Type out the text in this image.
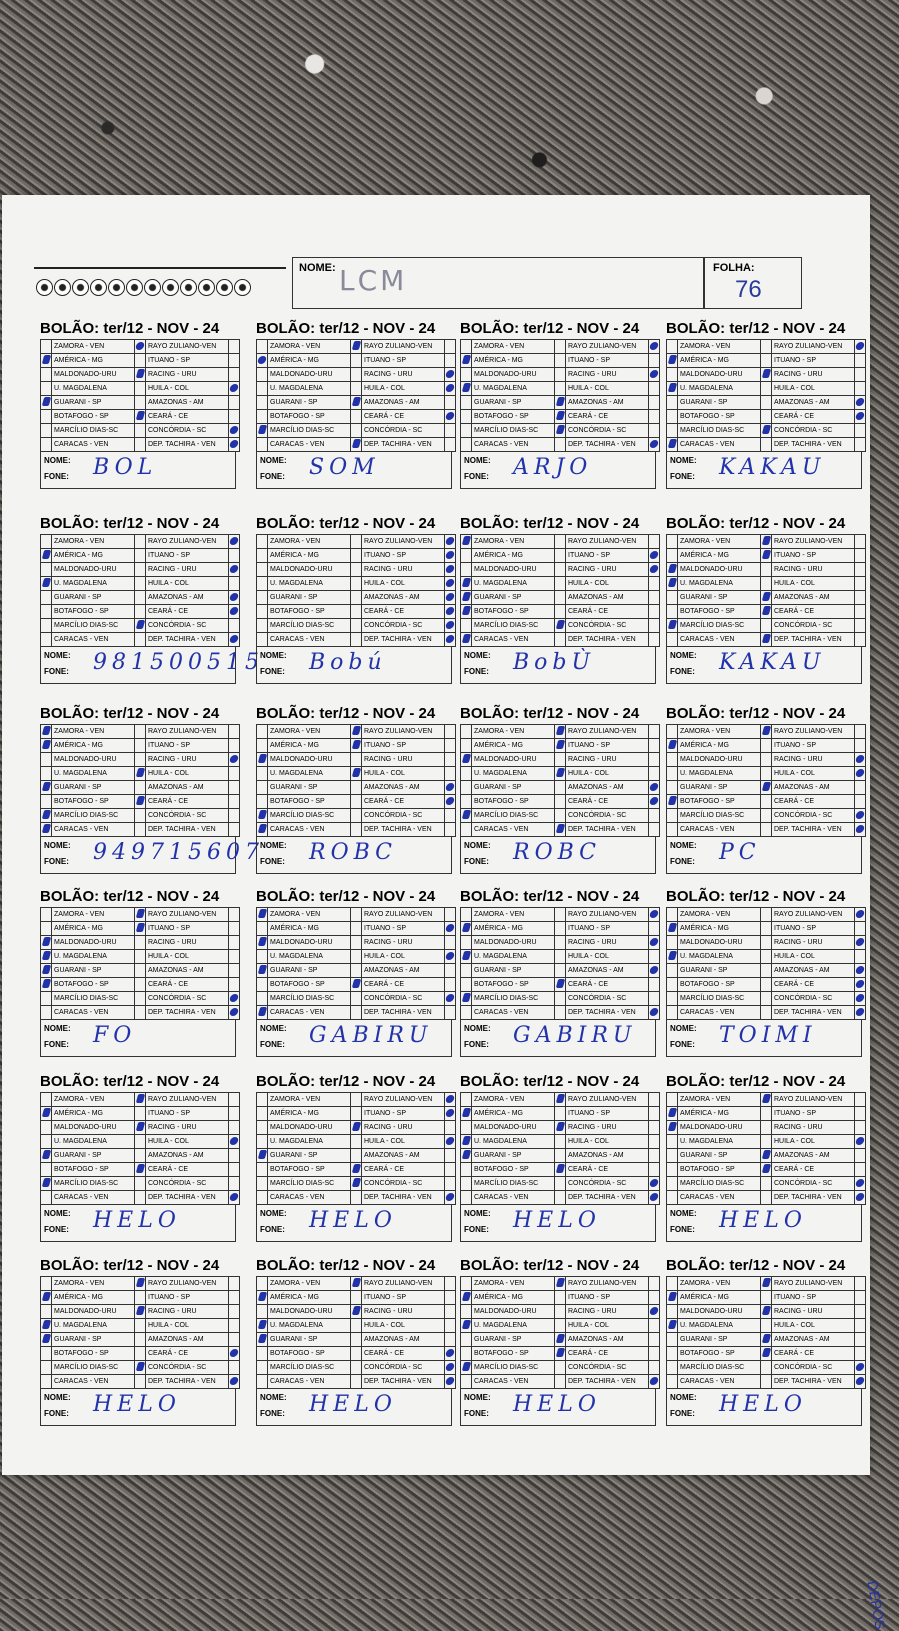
NOME: LCM	FOLHA:
76
BOLÃO: ter/12 - NOV - 24
	ZAMORA - VEN		RAYO ZULIANO-VEN	
	AMÉRICA - MG		ITUANO - SP	
	MALDONADO-URU		RACING - URU	
	U. MAGDALENA		HUILA - COL	
	GUARANI - SP		AMAZONAS - AM	
	BOTAFOGO - SP		CEARÁ - CE	
	MARCÍLIO DIAS-SC		CONCÓRDIA - SC	
	CARACAS - VEN		DEP. TACHIRA - VEN	
NOME:
FONE: BOL
BOLÃO: ter/12 - NOV - 24
	ZAMORA - VEN		RAYO ZULIANO-VEN	
	AMÉRICA - MG		ITUANO - SP	
	MALDONADO-URU		RACING - URU	
	U. MAGDALENA		HUILA - COL	
	GUARANI - SP		AMAZONAS - AM	
	BOTAFOGO - SP		CEARÁ - CE	
	MARCÍLIO DIAS-SC		CONCÓRDIA - SC	
	CARACAS - VEN		DEP. TACHIRA - VEN	
NOME:
FONE: SOM
BOLÃO: ter/12 - NOV - 24
	ZAMORA - VEN		RAYO ZULIANO-VEN	
	AMÉRICA - MG		ITUANO - SP	
	MALDONADO-URU		RACING - URU	
	U. MAGDALENA		HUILA - COL	
	GUARANI - SP		AMAZONAS - AM	
	BOTAFOGO - SP		CEARÁ - CE	
	MARCÍLIO DIAS-SC		CONCÓRDIA - SC	
	CARACAS - VEN		DEP. TACHIRA - VEN	
NOME:
FONE: ARJO
BOLÃO: ter/12 - NOV - 24
	ZAMORA - VEN		RAYO ZULIANO-VEN	
	AMÉRICA - MG		ITUANO - SP	
	MALDONADO-URU		RACING - URU	
	U. MAGDALENA		HUILA - COL	
	GUARANI - SP		AMAZONAS - AM	
	BOTAFOGO - SP		CEARÁ - CE	
	MARCÍLIO DIAS-SC		CONCÓRDIA - SC	
	CARACAS - VEN		DEP. TACHIRA - VEN	
NOME:
FONE: KAKAU
BOLÃO: ter/12 - NOV - 24
	ZAMORA - VEN		RAYO ZULIANO-VEN	
	AMÉRICA - MG		ITUANO - SP	
	MALDONADO-URU		RACING - URU	
	U. MAGDALENA		HUILA - COL	
	GUARANI - SP		AMAZONAS - AM	
	BOTAFOGO - SP		CEARÁ - CE	
	MARCÍLIO DIAS-SC		CONCÓRDIA - SC	
	CARACAS - VEN		DEP. TACHIRA - VEN	
NOME:
FONE: 981500515
BOLÃO: ter/12 - NOV - 24
	ZAMORA - VEN		RAYO ZULIANO-VEN	
	AMÉRICA - MG		ITUANO - SP	
	MALDONADO-URU		RACING - URU	
	U. MAGDALENA		HUILA - COL	
	GUARANI - SP		AMAZONAS - AM	
	BOTAFOGO - SP		CEARÁ - CE	
	MARCÍLIO DIAS-SC		CONCÓRDIA - SC	
	CARACAS - VEN		DEP. TACHIRA - VEN	
NOME:
FONE: Bobú
BOLÃO: ter/12 - NOV - 24
	ZAMORA - VEN		RAYO ZULIANO-VEN	
	AMÉRICA - MG		ITUANO - SP	
	MALDONADO-URU		RACING - URU	
	U. MAGDALENA		HUILA - COL	
	GUARANI - SP		AMAZONAS - AM	
	BOTAFOGO - SP		CEARÁ - CE	
	MARCÍLIO DIAS-SC		CONCÓRDIA - SC	
	CARACAS - VEN		DEP. TACHIRA - VEN	
NOME:
FONE: BobÙ
BOLÃO: ter/12 - NOV - 24
	ZAMORA - VEN		RAYO ZULIANO-VEN	
	AMÉRICA - MG		ITUANO - SP	
	MALDONADO-URU		RACING - URU	
	U. MAGDALENA		HUILA - COL	
	GUARANI - SP		AMAZONAS - AM	
	BOTAFOGO - SP		CEARÁ - CE	
	MARCÍLIO DIAS-SC		CONCÓRDIA - SC	
	CARACAS - VEN		DEP. TACHIRA - VEN	
NOME:
FONE: KAKAU
BOLÃO: ter/12 - NOV - 24
	ZAMORA - VEN		RAYO ZULIANO-VEN	
	AMÉRICA - MG		ITUANO - SP	
	MALDONADO-URU		RACING - URU	
	U. MAGDALENA		HUILA - COL	
	GUARANI - SP		AMAZONAS - AM	
	BOTAFOGO - SP		CEARÁ - CE	
	MARCÍLIO DIAS-SC		CONCÓRDIA - SC	
	CARACAS - VEN		DEP. TACHIRA - VEN	
NOME:
FONE: 949715607
BOLÃO: ter/12 - NOV - 24
	ZAMORA - VEN		RAYO ZULIANO-VEN	
	AMÉRICA - MG		ITUANO - SP	
	MALDONADO-URU		RACING - URU	
	U. MAGDALENA		HUILA - COL	
	GUARANI - SP		AMAZONAS - AM	
	BOTAFOGO - SP		CEARÁ - CE	
	MARCÍLIO DIAS-SC		CONCÓRDIA - SC	
	CARACAS - VEN		DEP. TACHIRA - VEN	
NOME:
FONE: ROBC
BOLÃO: ter/12 - NOV - 24
	ZAMORA - VEN		RAYO ZULIANO-VEN	
	AMÉRICA - MG		ITUANO - SP	
	MALDONADO-URU		RACING - URU	
	U. MAGDALENA		HUILA - COL	
	GUARANI - SP		AMAZONAS - AM	
	BOTAFOGO - SP		CEARÁ - CE	
	MARCÍLIO DIAS-SC		CONCÓRDIA - SC	
	CARACAS - VEN		DEP. TACHIRA - VEN	
NOME:
FONE: ROBC
BOLÃO: ter/12 - NOV - 24
	ZAMORA - VEN		RAYO ZULIANO-VEN	
	AMÉRICA - MG		ITUANO - SP	
	MALDONADO-URU		RACING - URU	
	U. MAGDALENA		HUILA - COL	
	GUARANI - SP		AMAZONAS - AM	
	BOTAFOGO - SP		CEARÁ - CE	
	MARCÍLIO DIAS-SC		CONCÓRDIA - SC	
	CARACAS - VEN		DEP. TACHIRA - VEN	
NOME:
FONE: PC
BOLÃO: ter/12 - NOV - 24
	ZAMORA - VEN		RAYO ZULIANO-VEN	
	AMÉRICA - MG		ITUANO - SP	
	MALDONADO-URU		RACING - URU	
	U. MAGDALENA		HUILA - COL	
	GUARANI - SP		AMAZONAS - AM	
	BOTAFOGO - SP		CEARÁ - CE	
	MARCÍLIO DIAS-SC		CONCÓRDIA - SC	
	CARACAS - VEN		DEP. TACHIRA - VEN	
NOME:
FONE: FO
BOLÃO: ter/12 - NOV - 24
	ZAMORA - VEN		RAYO ZULIANO-VEN	
	AMÉRICA - MG		ITUANO - SP	
	MALDONADO-URU		RACING - URU	
	U. MAGDALENA		HUILA - COL	
	GUARANI - SP		AMAZONAS - AM	
	BOTAFOGO - SP		CEARÁ - CE	
	MARCÍLIO DIAS-SC		CONCÓRDIA - SC	
	CARACAS - VEN		DEP. TACHIRA - VEN	
NOME:
FONE: GABIRU
BOLÃO: ter/12 - NOV - 24
	ZAMORA - VEN		RAYO ZULIANO-VEN	
	AMÉRICA - MG		ITUANO - SP	
	MALDONADO-URU		RACING - URU	
	U. MAGDALENA		HUILA - COL	
	GUARANI - SP		AMAZONAS - AM	
	BOTAFOGO - SP		CEARÁ - CE	
	MARCÍLIO DIAS-SC		CONCÓRDIA - SC	
	CARACAS - VEN		DEP. TACHIRA - VEN	
NOME:
FONE: GABIRU
BOLÃO: ter/12 - NOV - 24
	ZAMORA - VEN		RAYO ZULIANO-VEN	
	AMÉRICA - MG		ITUANO - SP	
	MALDONADO-URU		RACING - URU	
	U. MAGDALENA		HUILA - COL	
	GUARANI - SP		AMAZONAS - AM	
	BOTAFOGO - SP		CEARÁ - CE	
	MARCÍLIO DIAS-SC		CONCÓRDIA - SC	
	CARACAS - VEN		DEP. TACHIRA - VEN	
NOME:
FONE: TOIMI
BOLÃO: ter/12 - NOV - 24
	ZAMORA - VEN		RAYO ZULIANO-VEN	
	AMÉRICA - MG		ITUANO - SP	
	MALDONADO-URU		RACING - URU	
	U. MAGDALENA		HUILA - COL	
	GUARANI - SP		AMAZONAS - AM	
	BOTAFOGO - SP		CEARÁ - CE	
	MARCÍLIO DIAS-SC		CONCÓRDIA - SC	
	CARACAS - VEN		DEP. TACHIRA - VEN	
NOME:
FONE: HELO
BOLÃO: ter/12 - NOV - 24
	ZAMORA - VEN		RAYO ZULIANO-VEN	
	AMÉRICA - MG		ITUANO - SP	
	MALDONADO-URU		RACING - URU	
	U. MAGDALENA		HUILA - COL	
	GUARANI - SP		AMAZONAS - AM	
	BOTAFOGO - SP		CEARÁ - CE	
	MARCÍLIO DIAS-SC		CONCÓRDIA - SC	
	CARACAS - VEN		DEP. TACHIRA - VEN	
NOME:
FONE: HELO
BOLÃO: ter/12 - NOV - 24
	ZAMORA - VEN		RAYO ZULIANO-VEN	
	AMÉRICA - MG		ITUANO - SP	
	MALDONADO-URU		RACING - URU	
	U. MAGDALENA		HUILA - COL	
	GUARANI - SP		AMAZONAS - AM	
	BOTAFOGO - SP		CEARÁ - CE	
	MARCÍLIO DIAS-SC		CONCÓRDIA - SC	
	CARACAS - VEN		DEP. TACHIRA - VEN	
NOME:
FONE: HELO
BOLÃO: ter/12 - NOV - 24
	ZAMORA - VEN		RAYO ZULIANO-VEN	
	AMÉRICA - MG		ITUANO - SP	
	MALDONADO-URU		RACING - URU	
	U. MAGDALENA		HUILA - COL	
	GUARANI - SP		AMAZONAS - AM	
	BOTAFOGO - SP		CEARÁ - CE	
	MARCÍLIO DIAS-SC		CONCÓRDIA - SC	
	CARACAS - VEN		DEP. TACHIRA - VEN	
NOME:
FONE: HELO
BOLÃO: ter/12 - NOV - 24
	ZAMORA - VEN		RAYO ZULIANO-VEN	
	AMÉRICA - MG		ITUANO - SP	
	MALDONADO-URU		RACING - URU	
	U. MAGDALENA		HUILA - COL	
	GUARANI - SP		AMAZONAS - AM	
	BOTAFOGO - SP		CEARÁ - CE	
	MARCÍLIO DIAS-SC		CONCÓRDIA - SC	
	CARACAS - VEN		DEP. TACHIRA - VEN	
NOME:
FONE: HELO
BOLÃO: ter/12 - NOV - 24
	ZAMORA - VEN		RAYO ZULIANO-VEN	
	AMÉRICA - MG		ITUANO - SP	
	MALDONADO-URU		RACING - URU	
	U. MAGDALENA		HUILA - COL	
	GUARANI - SP		AMAZONAS - AM	
	BOTAFOGO - SP		CEARÁ - CE	
	MARCÍLIO DIAS-SC		CONCÓRDIA - SC	
	CARACAS - VEN		DEP. TACHIRA - VEN	
NOME:
FONE: HELO
BOLÃO: ter/12 - NOV - 24
	ZAMORA - VEN		RAYO ZULIANO-VEN	
	AMÉRICA - MG		ITUANO - SP	
	MALDONADO-URU		RACING - URU	
	U. MAGDALENA		HUILA - COL	
	GUARANI - SP		AMAZONAS - AM	
	BOTAFOGO - SP		CEARÁ - CE	
	MARCÍLIO DIAS-SC		CONCÓRDIA - SC	
	CARACAS - VEN		DEP. TACHIRA - VEN	
NOME:
FONE: HELO
BOLÃO: ter/12 - NOV - 24
	ZAMORA - VEN		RAYO ZULIANO-VEN	
	AMÉRICA - MG		ITUANO - SP	
	MALDONADO-URU		RACING - URU	
	U. MAGDALENA		HUILA - COL	
	GUARANI - SP		AMAZONAS - AM	
	BOTAFOGO - SP		CEARÁ - CE	
	MARCÍLIO DIAS-SC		CONCÓRDIA - SC	
	CARACAS - VEN		DEP. TACHIRA - VEN	
NOME:
FONE: HELO
DEPOS
